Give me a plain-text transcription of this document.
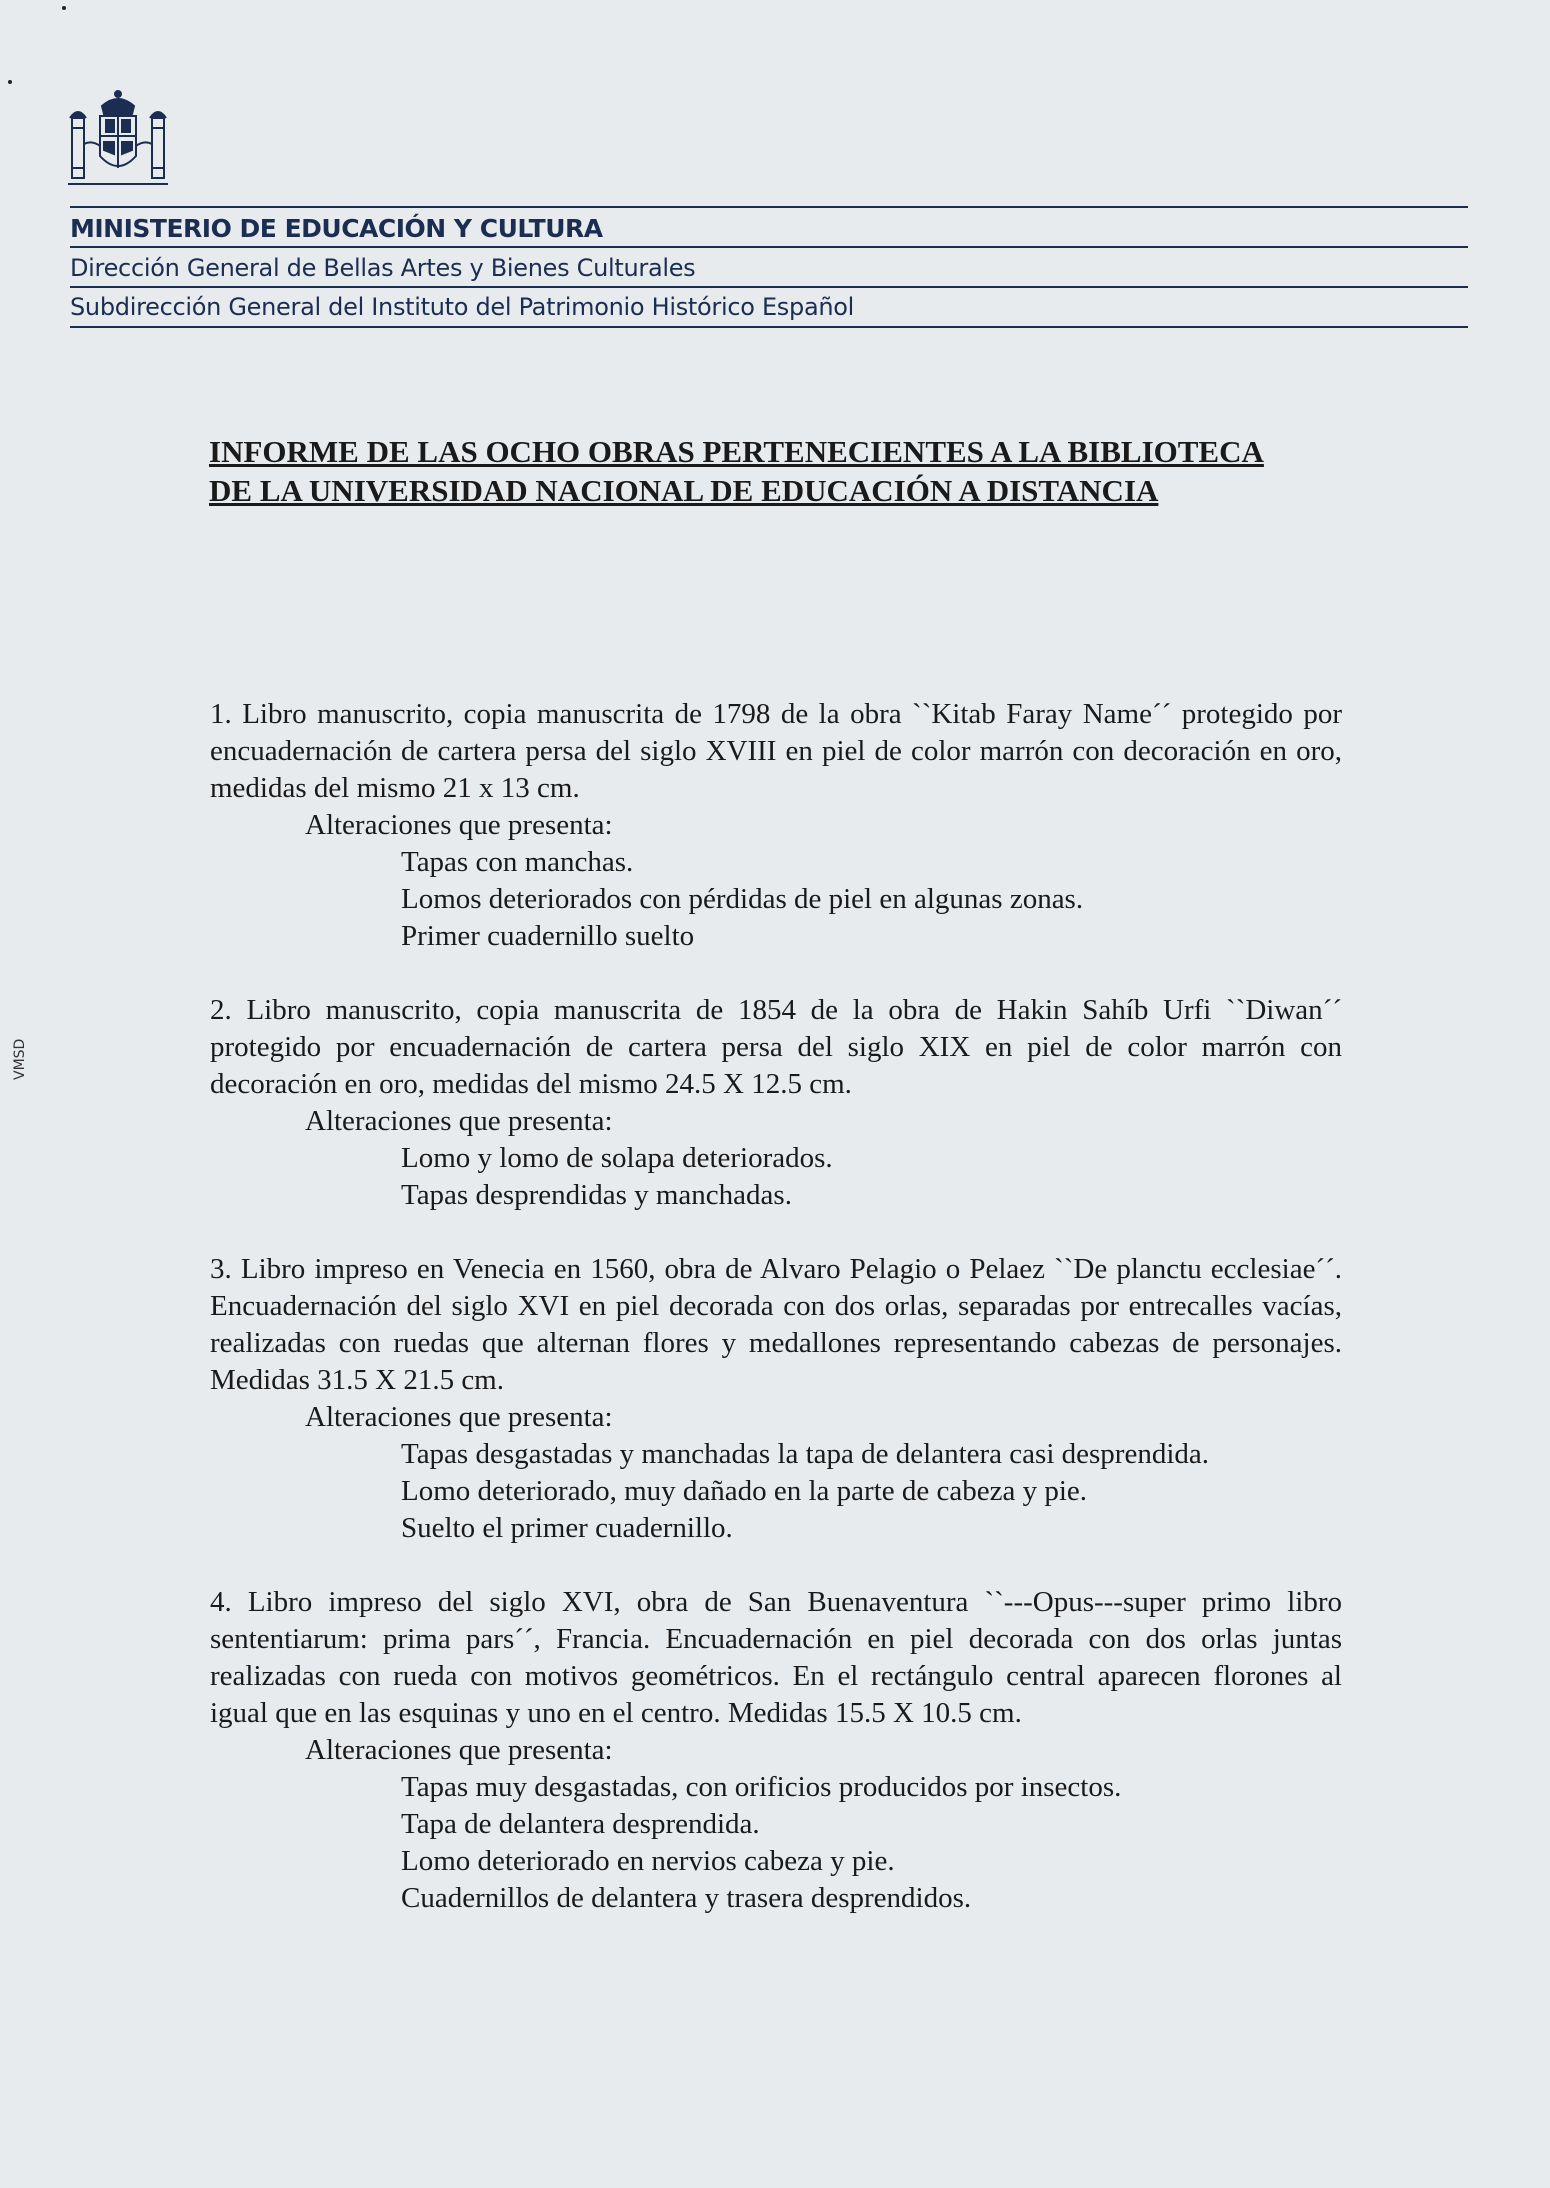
MINISTERIO DE EDUCACIÓN Y CULTURA
Dirección General de Bellas Artes y Bienes Culturales
Subdirección General del Instituto del Patrimonio Histórico Español
INFORME DE LAS OCHO OBRAS PERTENECIENTES A LA BIBLIOTECA
DE LA UNIVERSIDAD NACIONAL DE EDUCACIÓN A DISTANCIA
VMSD
1. Libro manuscrito, copia manuscrita de 1798 de la obra ``Kitab Faray Name´´ protegido por encuadernación de cartera persa del siglo XVIII en piel de color marrón con decoración en oro, medidas del mismo 21 x 13 cm.
Alteraciones que presenta:
Tapas con manchas.
Lomos deteriorados con pérdidas de piel en algunas zonas.
Primer cuadernillo suelto
2. Libro manuscrito, copia manuscrita de 1854 de la obra de Hakin Sahíb Urfi ``Diwan´´ protegido por encuadernación de cartera persa del siglo XIX en piel de color marrón con decoración en oro, medidas del mismo 24.5 X 12.5 cm.
Alteraciones que presenta:
Lomo y lomo de solapa deteriorados.
Tapas desprendidas y manchadas.
3. Libro impreso en Venecia en 1560, obra de Alvaro Pelagio o Pelaez ``De planctu ecclesiae´´. Encuadernación del siglo XVI en piel decorada con dos orlas, separadas por entrecalles vacías, realizadas con ruedas que alternan flores y medallones representando cabezas de personajes. Medidas 31.5 X 21.5 cm.
Alteraciones que presenta:
Tapas desgastadas y manchadas la tapa de delantera casi desprendida.
Lomo deteriorado, muy dañado en la parte de cabeza y pie.
Suelto el primer cuadernillo.
4. Libro impreso del siglo XVI, obra de San Buenaventura ``---Opus---super primo libro sententiarum: prima pars´´, Francia. Encuadernación en piel decorada con dos orlas juntas realizadas con rueda con motivos geométricos. En el rectángulo central aparecen florones al igual que en las esquinas y uno en el centro. Medidas 15.5 X 10.5 cm.
Alteraciones que presenta:
Tapas muy desgastadas, con orificios producidos por insectos.
Tapa de delantera desprendida.
Lomo deteriorado en nervios cabeza y pie.
Cuadernillos de delantera y trasera desprendidos.
